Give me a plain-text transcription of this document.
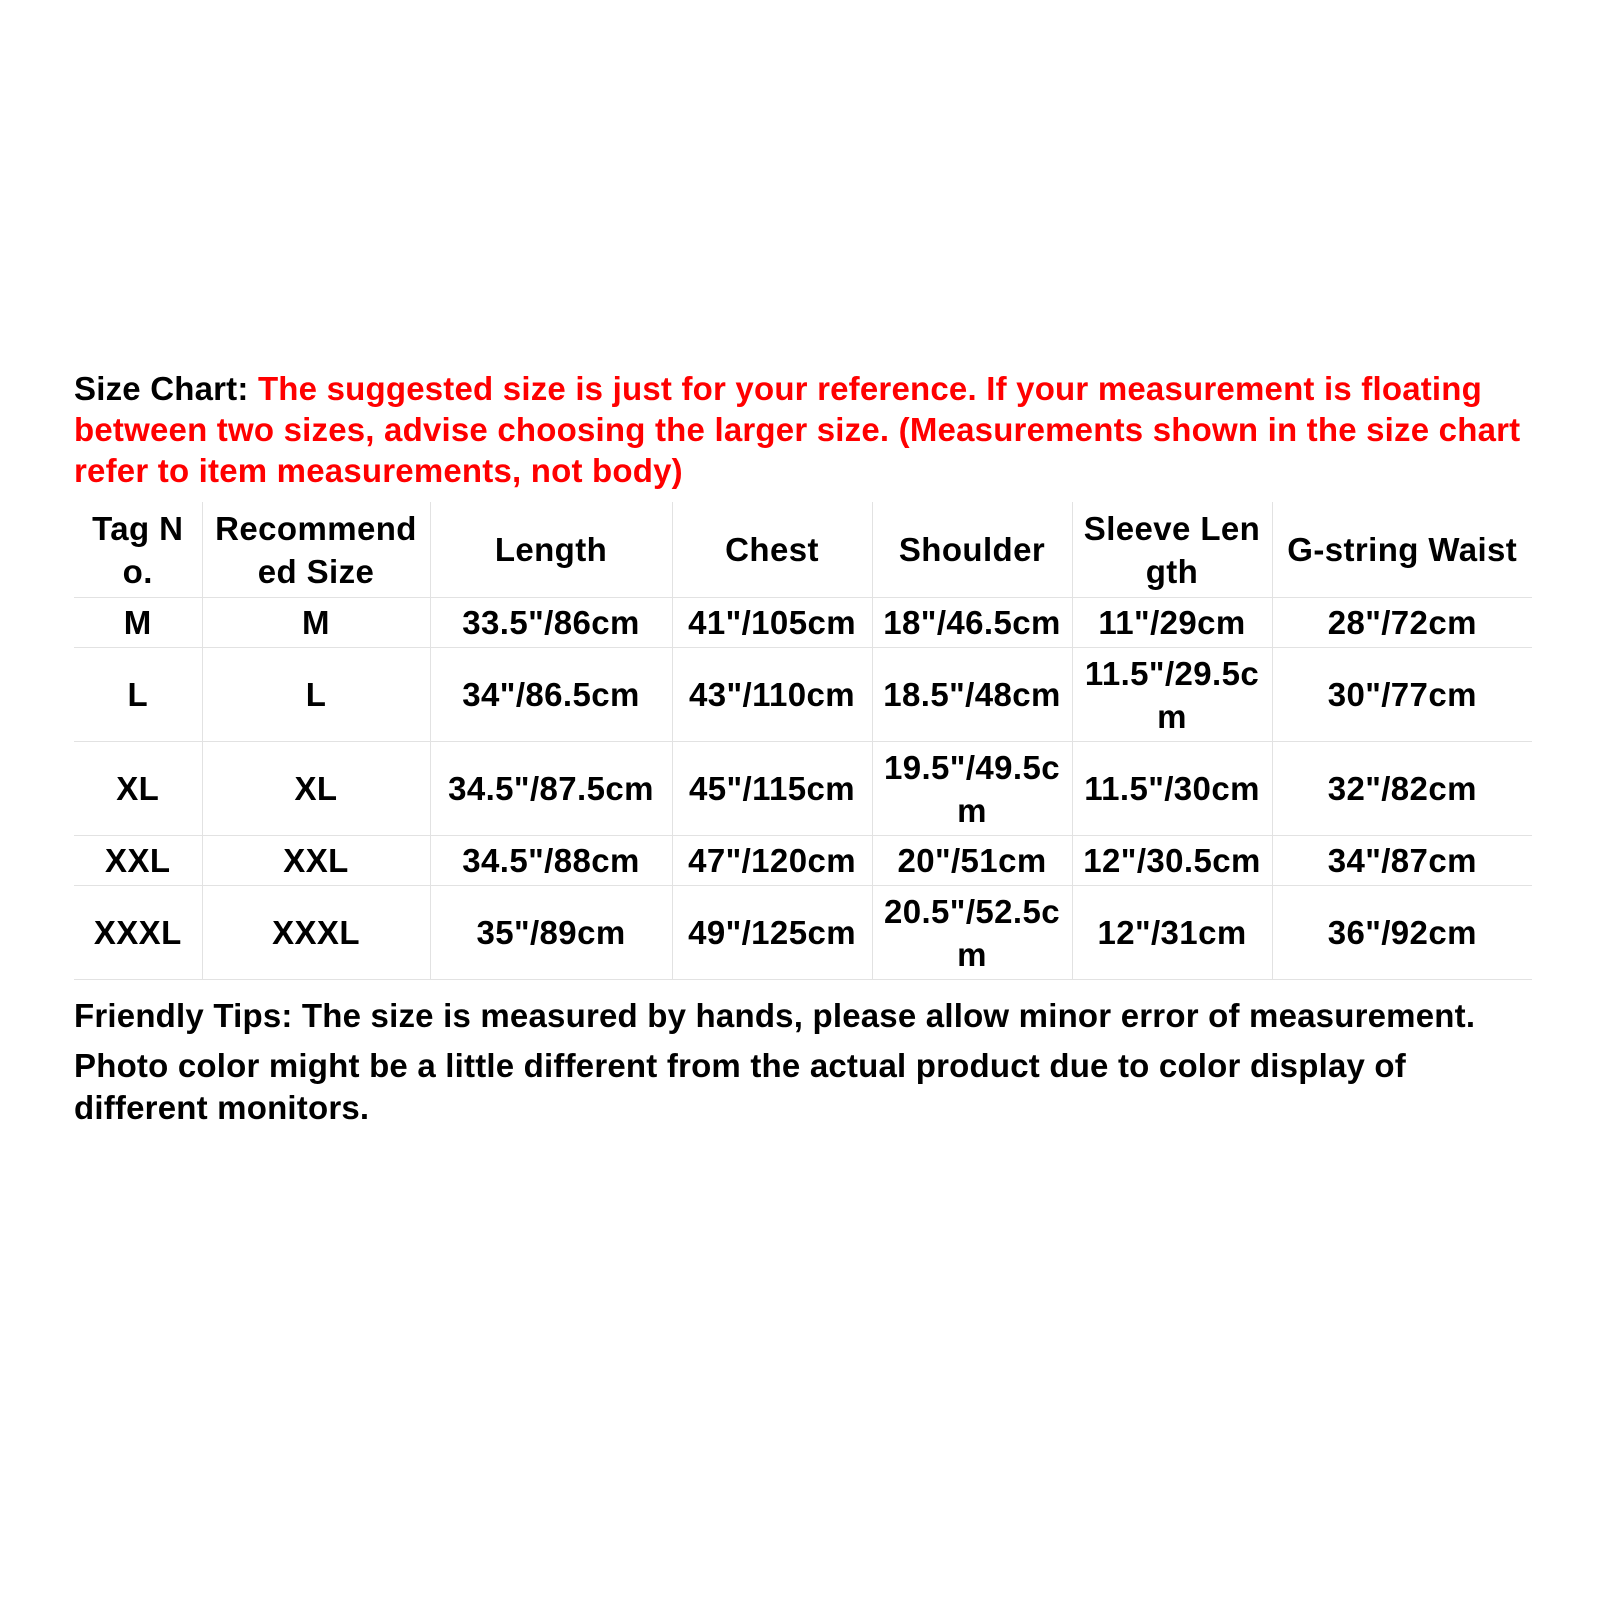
Size Chart: The suggested size is just for your reference. If your measurement is floating between two sizes, advise choosing the larger size. (Measurements shown in the size chart refer to item measurements, not body)
Tag No.	Recommended Size	Length	Chest	Shoulder	Sleeve Length	G-string Waist
M	M	33.5"/86cm	41"/105cm	18"/46.5cm	11"/29cm	28"/72cm
L	L	34"/86.5cm	43"/110cm	18.5"/48cm	11.5"/29.5cm	30"/77cm
XL	XL	34.5"/87.5cm	45"/115cm	19.5"/49.5cm	11.5"/30cm	32"/82cm
XXL	XXL	34.5"/88cm	47"/120cm	20"/51cm	12"/30.5cm	34"/87cm
XXXL	XXXL	35"/89cm	49"/125cm	20.5"/52.5cm	12"/31cm	36"/92cm

Friendly Tips: The size is measured by hands, please allow minor error of measurement.

Photo color might be a little different from the actual product due to color display of different monitors.
